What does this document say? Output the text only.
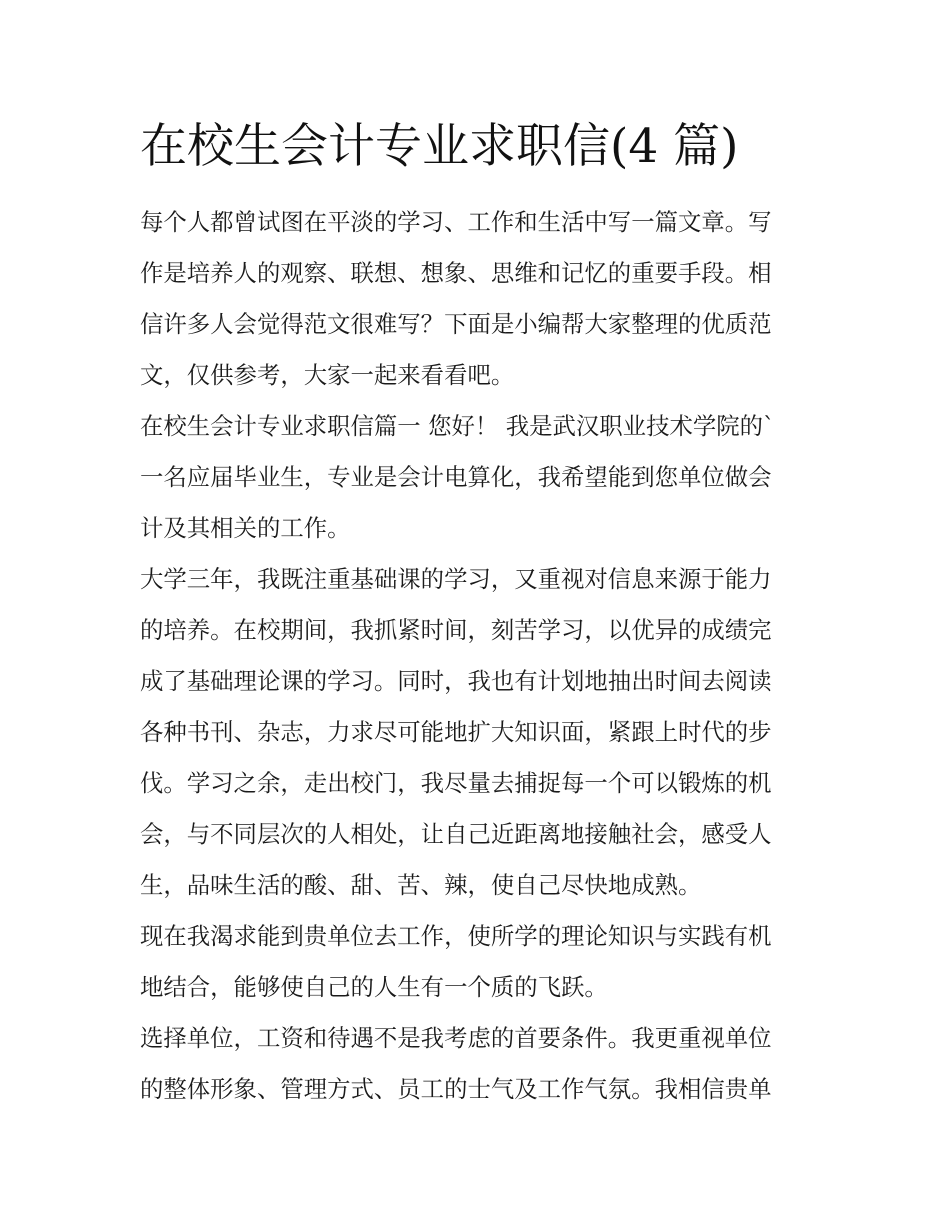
在校生会计专业求职信(4 篇)
每个人都曾试图在平淡的学习、工作和生活中写一篇文章。写
作是培养人的观察、联想、想象、思维和记忆的重要手段。相
信许多人会觉得范文很难写？下面是小编帮大家整理的优质范
文，仅供参考，大家一起来看看吧。
在校生会计专业求职信篇一 您好！ 我是武汉职业技术学院的`
一名应届毕业生，专业是会计电算化，我希望能到您单位做会
计及其相关的工作。
大学三年，我既注重基础课的学习，又重视对信息来源于能力
的培养。在校期间，我抓紧时间，刻苦学习，以优异的成绩完
成了基础理论课的学习。同时，我也有计划地抽出时间去阅读
各种书刊、杂志，力求尽可能地扩大知识面，紧跟上时代的步
伐。学习之余，走出校门，我尽量去捕捉每一个可以锻炼的机
会，与不同层次的人相处，让自己近距离地接触社会，感受人
生，品味生活的酸、甜、苦、辣，使自己尽快地成熟。
现在我渴求能到贵单位去工作，使所学的理论知识与实践有机
地结合，能够使自己的人生有一个质的飞跃。
选择单位，工资和待遇不是我考虑的首要条件。我更重视单位
的整体形象、管理方式、员工的士气及工作气氛。我相信贵单
